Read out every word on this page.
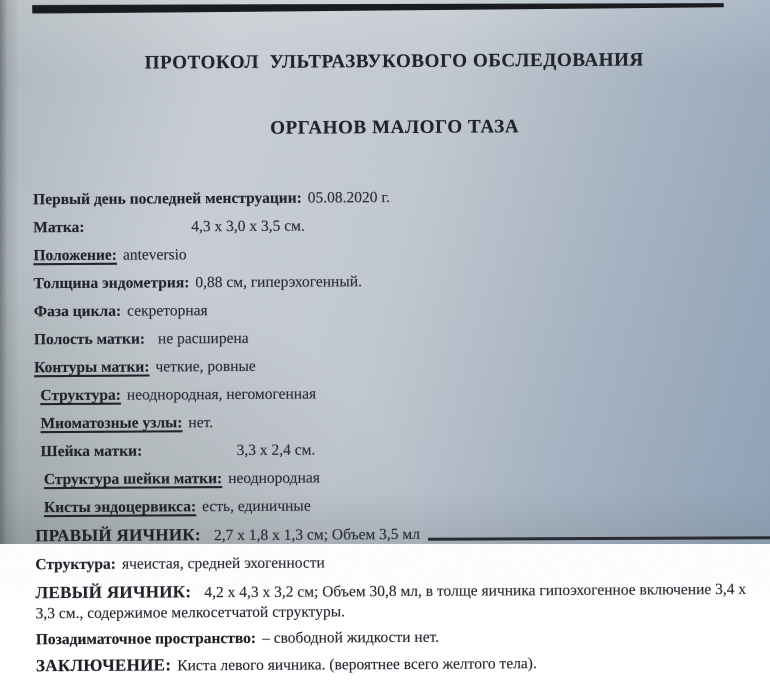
ПРОТОКОЛ  УЛЬТРАЗВУКОВОГО ОБСЛЕДОВАНИЯ

ОРГАНОВ МАЛОГО ТАЗА

Первый день последней менструации: 05.08.2020 г.
Матка:	4,3 х 3,0 х 3,5 см.
Положение: anteversio
Толщина эндометрия: 0,88 см, гиперэхогенный.
Фаза цикла: секреторная
Полость матки: не расширена
Контуры матки: четкие, ровные
Структура: неоднородная, негомогенная
Миоматозные узлы: нет.
Шейка матки:	3,3 х 2,4 см.
Структура шейки матки: неоднородная
Кисты эндоцервикса: есть, единичные
ПРАВЫЙ ЯИЧНИК: 2,7 х 1,8 х 1,3 см; Объем 3,5 мл
Структура: ячеистая, средней эхогенности
ЛЕВЫЙ ЯИЧНИК: 4,2 х 4,3 х 3,2 см; Объем 30,8 мл, в толще яичника гипоэхогенное включение 3,4 х 3,3 см., содержимое мелкосетчатой структуры.
Позадиматочное пространство: – свободной жидкости нет.
ЗАКЛЮЧЕНИЕ: Киста левого яичника. (вероятнее всего желтого тела).
